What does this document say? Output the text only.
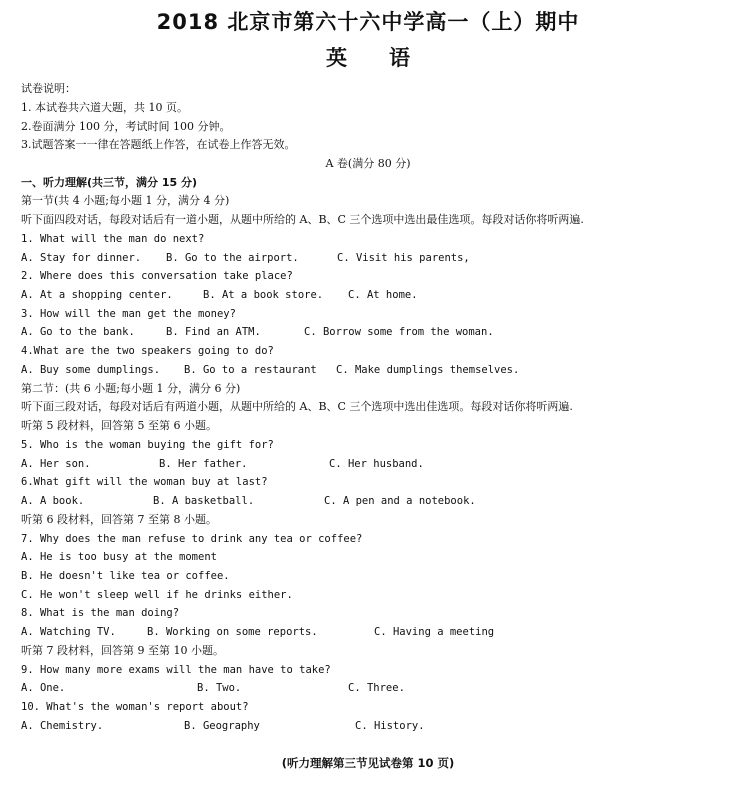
2018 北京市第六十六中学高一（上）期中
英 语
试卷说明：
1. 本试卷共六道大题，共 10 页。
2.卷面满分 100 分，考试时间 100 分钟。
3.试题答案一一律在答题纸上作答，在试卷上作答无效。
A 卷(满分 80 分)
一、听力理解(共三节，满分 15 分)
第一节(共 4 小题;每小题 1 分，满分 4 分)
听下面四段对话，每段对话后有一道小题，从题中所给的 A、B、C 三个选项中选出最佳选项。每段对话你将听两遍.
1. What will the man do next?

A. Stay for dinner.

B. Go to the airport.

	C. Visit his parents,

2. Where does this conversation take place?

A. At a shopping center.

	B. At a book store.

C. At home.

3. How will the man get the money?

A. Go to the bank.

	B. Find an ATM.

	C. Borrow some from the woman.

4.What are the two speakers going to do?

A. Buy some dumplings.

B. Go to a restaurant

C. Make dumplings themselves.

第二节：(共 6 小题;每小题 1 分，满分 6 分)
听下面三段对话，每段对话后有两道小题，从题中所给的 A、B、C 三个选项中选出佳选项。每段对话你将听两遍.
听第 5 段材料，回答第 5 至第 6 小题。
5. Who is the woman buying the gift for?

A. Her son.

	B. Her father.

	C. Her husband.

6.What gift will the woman buy at last?

A. A book.

	B. A basketball.

	C. A pen and a notebook.

听第 6 段材料，回答第 7 至第 8 小题。
7. Why does the man refuse to drink any tea or coffee?
A. He is too busy at the moment
B. He doesn't like tea or coffee.
C. He won't sleep well if he drinks either.
8. What is the man doing?

A. Watching TV.

	B. Working on some reports.

	C. Having a meeting

听第 7 段材料，回答第 9 至第 10 小题。
9. How many more exams will the man have to take?

A. One.

	B. Two.

	C. Three.

10. What's the woman's report about?

A. Chemistry.

	B. Geography

	C. History.

(听力理解第三节见试卷第 10 页)
